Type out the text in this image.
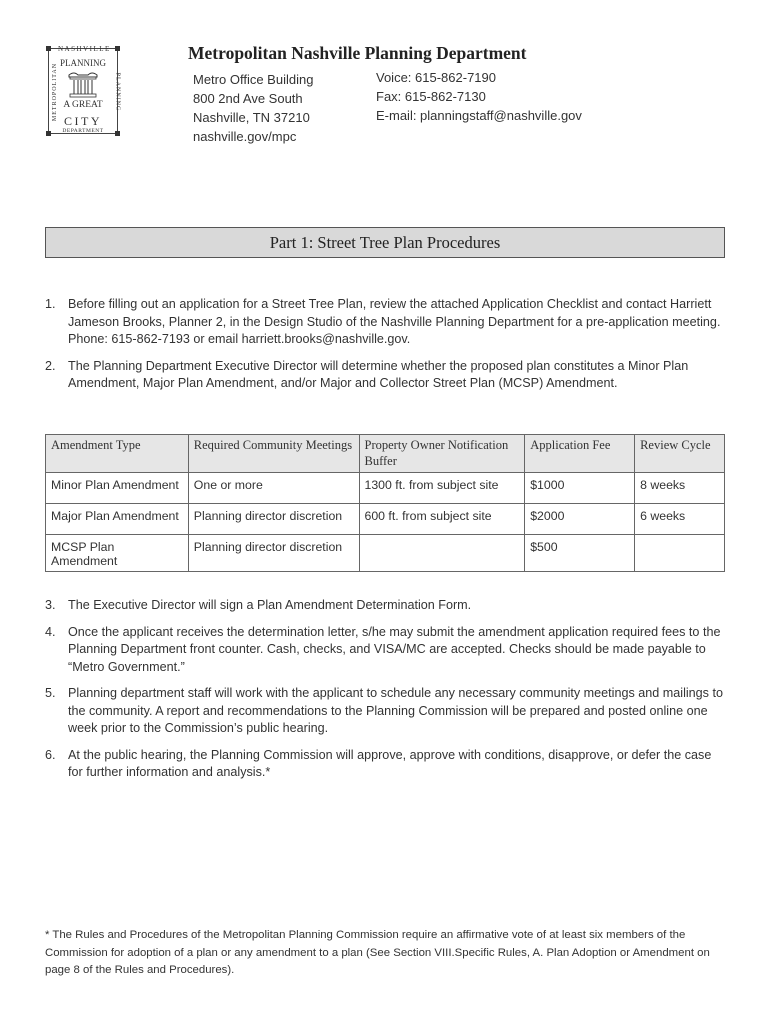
NASHVILLE
METROPOLITAN	PLANNING
PLANNING
A GREAT
CITY
DEPARTMENT
Metropolitan Nashville Planning Department
Metro Office Building
800 2nd Ave South
Nashville, TN 37210
nashville.gov/mpc
Voice: 615-862-7190
Fax: 615-862-7130
E-mail: planningstaff@nashville.gov
Part 1: Street Tree Plan Procedures
1. Before filling out an application for a Street Tree Plan, review the attached Application Checklist and contact Harriett Jameson Brooks, Planner 2, in the Design Studio of the Nashville Planning Department for a pre-application meeting. Phone: 615-862-7193 or email harriett.brooks@nashville.gov.
2. The Planning Department Executive Director will determine whether the proposed plan constitutes a Minor Plan Amendment, Major Plan Amendment, and/or Major and Collector Street Plan (MCSP) Amendment.
Amendment Type	Required Community Meetings	Property Owner Notification Buffer	Application Fee	Review Cycle
Minor Plan Amendment	One or more	1300 ft. from subject site	$1000	8 weeks
Major Plan Amendment	Planning director discretion	600 ft. from subject site	$2000	6 weeks
MCSP Plan Amendment	Planning director discretion		$500	
3. The Executive Director will sign a Plan Amendment Determination Form.
4. Once the applicant receives the determination letter, s/he may submit the amendment application required fees to the Planning Department front counter. Cash, checks, and VISA/MC are accepted. Checks should be made payable to “Metro Government.”
5. Planning department staff will work with the applicant to schedule any necessary community meetings and mailings to the community. A report and recommendations to the Planning Commission will be prepared and posted online one week prior to the Commission’s public hearing.
6. At the public hearing, the Planning Commission will approve, approve with conditions, disapprove, or defer the case for further information and analysis.*
* The Rules and Procedures of the Metropolitan Planning Commission require an affirmative vote of at least six members of the Commission for adoption of a plan or any amendment to a plan (See Section VIII.Specific Rules, A. Plan Adoption or Amendment on page 8 of the Rules and Procedures).
